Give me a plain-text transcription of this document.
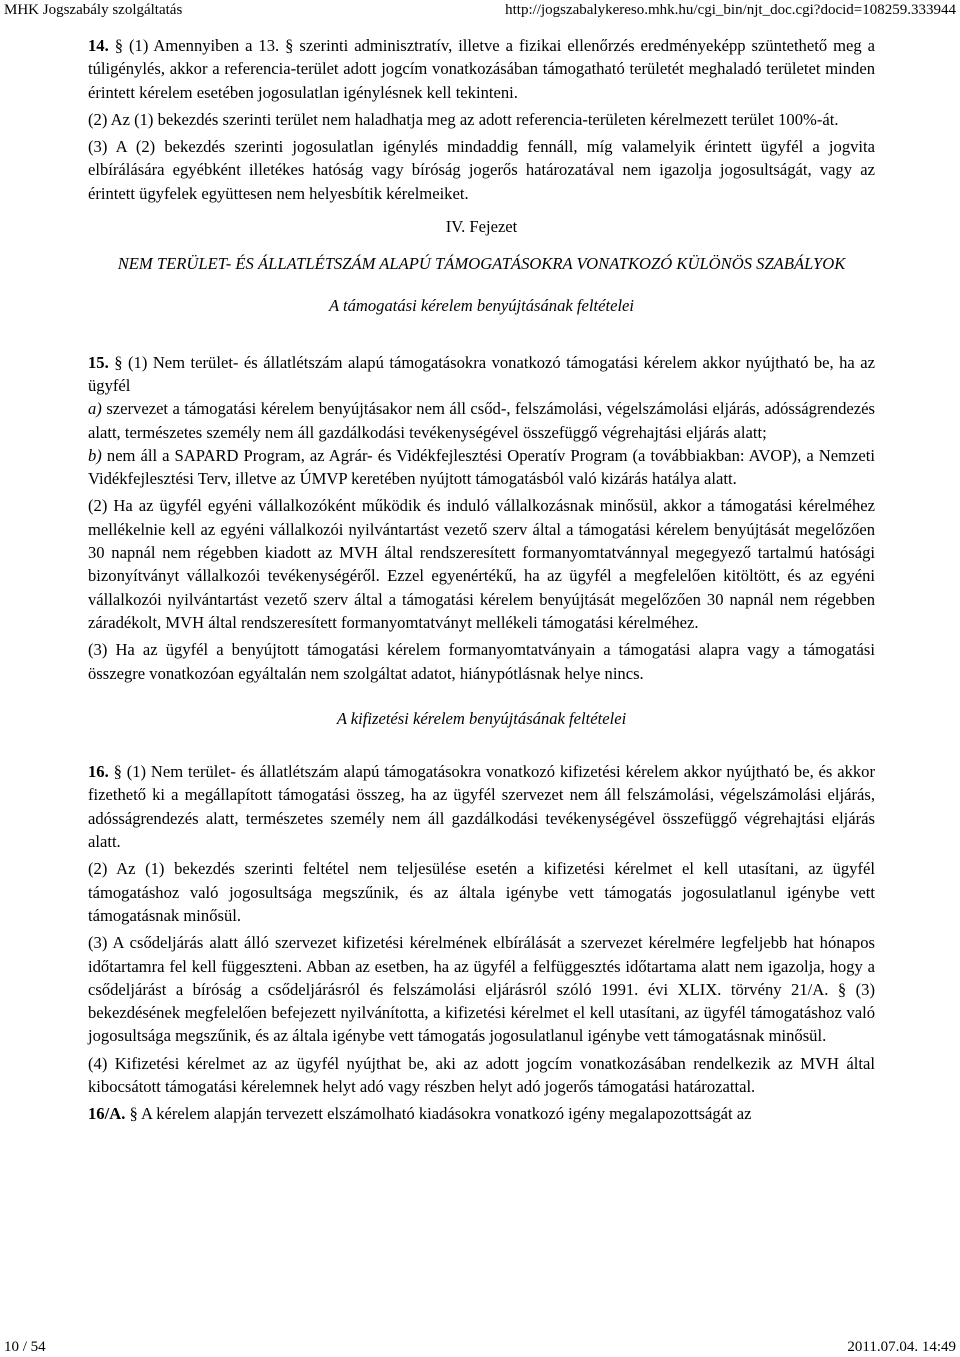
MHK Jogszabály szolgáltatás	http://jogszabalykereso.mhk.hu/cgi_bin/njt_doc.cgi?docid=108259.333944

14. § (1) Amennyiben a 13. § szerinti adminisztratív, illetve a fizikai ellenőrzés eredményeképp szüntethető meg a túligénylés, akkor a referencia-terület adott jogcím vonatkozásában támogatható területét meghaladó területet minden érintett kérelem esetében jogosulatlan igénylésnek kell tekinteni.

(2) Az (1) bekezdés szerinti terület nem haladhatja meg az adott referencia-területen kérelmezett terület 100%-át.

(3) A (2) bekezdés szerinti jogosulatlan igénylés mindaddig fennáll, míg valamelyik érintett ügyfél a jogvita elbírálására egyébként illetékes hatóság vagy bíróság jogerős határozatával nem igazolja jogosultságát, vagy az érintett ügyfelek együttesen nem helyesbítik kérelmeiket.

IV. Fejezet

NEM TERÜLET- ÉS ÁLLATLÉTSZÁM ALAPÚ TÁMOGATÁSOKRA VONATKOZÓ KÜLÖNÖS SZABÁLYOK

A támogatási kérelem benyújtásának feltételei

15. § (1) Nem terület- és állatlétszám alapú támogatásokra vonatkozó támogatási kérelem akkor nyújtható be, ha az ügyfél

a) szervezet a támogatási kérelem benyújtásakor nem áll csőd-, felszámolási, végelszámolási eljárás, adósságrendezés alatt, természetes személy nem áll gazdálkodási tevékenységével összefüggő végrehajtási eljárás alatt;

b) nem áll a SAPARD Program, az Agrár- és Vidékfejlesztési Operatív Program (a továbbiakban: AVOP), a Nemzeti Vidékfejlesztési Terv, illetve az ÚMVP keretében nyújtott támogatásból való kizárás hatálya alatt.

(2) Ha az ügyfél egyéni vállalkozóként működik és induló vállalkozásnak minősül, akkor a támogatási kérelméhez mellékelnie kell az egyéni vállalkozói nyilvántartást vezető szerv által a támogatási kérelem benyújtását megelőzően 30 napnál nem régebben kiadott az MVH által rendszeresített formanyomtatvánnyal megegyező tartalmú hatósági bizonyítványt vállalkozói tevékenységéről. Ezzel egyenértékű, ha az ügyfél a megfelelően kitöltött, és az egyéni vállalkozói nyilvántartást vezető szerv által a támogatási kérelem benyújtását megelőzően 30 napnál nem régebben záradékolt, MVH által rendszeresített formanyomtatványt mellékeli támogatási kérelméhez.

(3) Ha az ügyfél a benyújtott támogatási kérelem formanyomtatványain a támogatási alapra vagy a támogatási összegre vonatkozóan egyáltalán nem szolgáltat adatot, hiánypótlásnak helye nincs.

A kifizetési kérelem benyújtásának feltételei

16. § (1) Nem terület- és állatlétszám alapú támogatásokra vonatkozó kifizetési kérelem akkor nyújtható be, és akkor fizethető ki a megállapított támogatási összeg, ha az ügyfél szervezet nem áll felszámolási, végelszámolási eljárás, adósságrendezés alatt, természetes személy nem áll gazdálkodási tevékenységével összefüggő végrehajtási eljárás alatt.

(2) Az (1) bekezdés szerinti feltétel nem teljesülése esetén a kifizetési kérelmet el kell utasítani, az ügyfél támogatáshoz való jogosultsága megszűnik, és az általa igénybe vett támogatás jogosulatlanul igénybe vett támogatásnak minősül.

(3) A csődeljárás alatt álló szervezet kifizetési kérelmének elbírálását a szervezet kérelmére legfeljebb hat hónapos időtartamra fel kell függeszteni. Abban az esetben, ha az ügyfél a felfüggesztés időtartama alatt nem igazolja, hogy a csődeljárást a bíróság a csődeljárásról és felszámolási eljárásról szóló 1991. évi XLIX. törvény 21/A. § (3) bekezdésének megfelelően befejezett nyilvánította, a kifizetési kérelmet el kell utasítani, az ügyfél támogatáshoz való jogosultsága megszűnik, és az általa igénybe vett támogatás jogosulatlanul igénybe vett támogatásnak minősül.

(4) Kifizetési kérelmet az az ügyfél nyújthat be, aki az adott jogcím vonatkozásában rendelkezik az MVH által kibocsátott támogatási kérelemnek helyt adó vagy részben helyt adó jogerős támogatási határozattal.

16/A. § A kérelem alapján tervezett elszámolható kiadásokra vonatkozó igény megalapozottságát az

10 / 54	2011.07.04. 14:49
